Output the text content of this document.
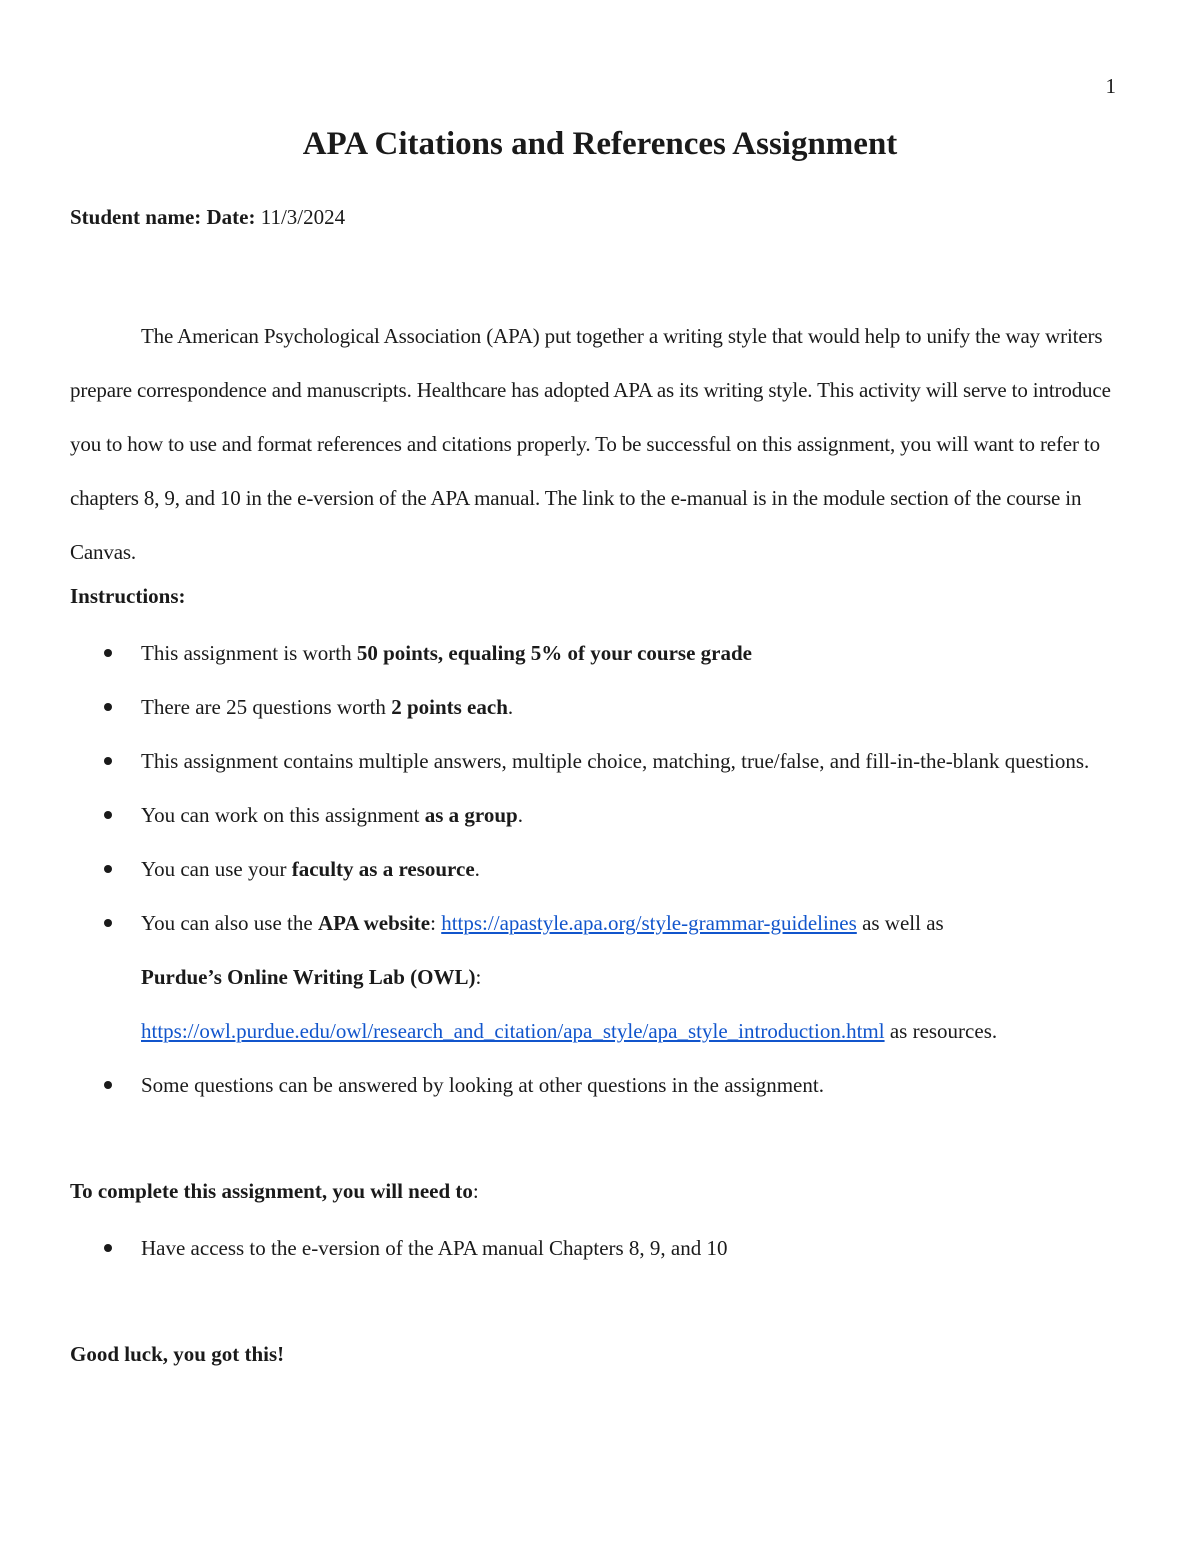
1
APA Citations and References Assignment

Student name: Date: 11/3/2024

The American Psychological Association (APA) put together a writing style that would help to unify the way writers prepare correspondence and manuscripts. Healthcare has adopted APA as its writing style. This activity will serve to introduce you to how to use and format references and citations properly. To be successful on this assignment, you will want to refer to chapters 8, 9, and 10 in the e-version of the APA manual. The link to the e-manual is in the module section of the course in Canvas.

Instructions:

This assignment is worth 50 points, equaling 5% of your course grade
There are 25 questions worth 2 points each.
This assignment contains multiple answers, multiple choice, matching, true/false, and fill-in-the-blank questions.
You can work on this assignment as a group.
You can use your faculty as a resource.
You can also use the APA website: https://apastyle.apa.org/style-grammar-guidelines as well as
Purdue’s Online Writing Lab (OWL):
https://owl.purdue.edu/owl/research_and_citation/apa_style/apa_style_introduction.html as resources.
Some questions can be answered by looking at other questions in the assignment.

To complete this assignment, you will need to:

Have access to the e-version of the APA manual Chapters 8, 9, and 10

Good luck, you got this!
